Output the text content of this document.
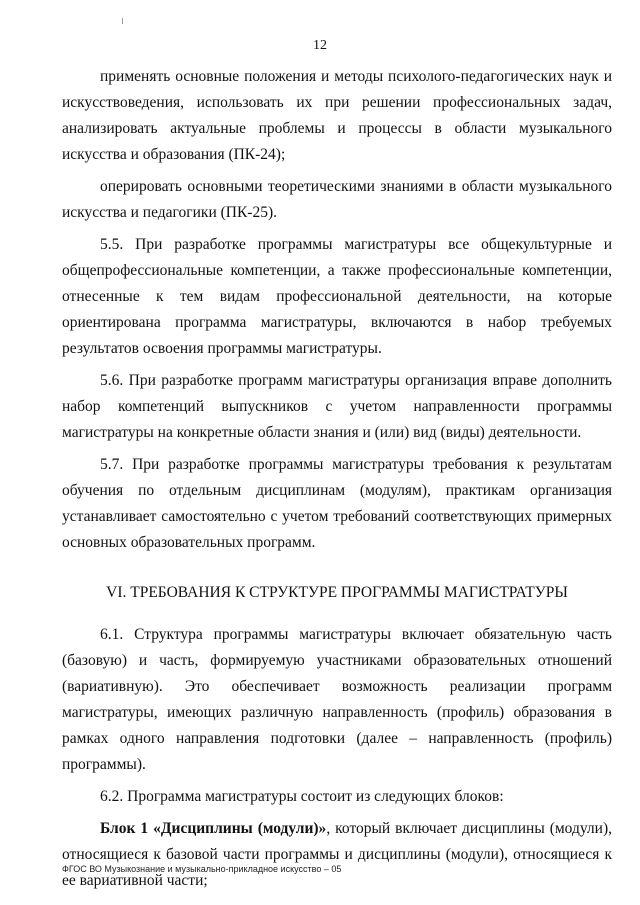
12

применять основные положения и методы психолого-педагогических наук и искусствоведения, использовать их при решении профессиональных задач, анализировать актуальные проблемы и процессы в области музыкального искусства и образования (ПК-24);

оперировать основными теоретическими знаниями в области музыкального искусства и педагогики (ПК-25).

5.5. При разработке программы магистратуры все общекультурные и общепрофессиональные компетенции, а также профессиональные компетенции, отнесенные к тем видам профессиональной деятельности, на которые ориентирована программа магистратуры, включаются в набор требуемых результатов освоения программы магистратуры.

5.6. При разработке программ магистратуры организация вправе дополнить набор компетенций выпускников с учетом направленности программы магистратуры на конкретные области знания и (или) вид (виды) деятельности.

5.7. При разработке программы магистратуры требования к результатам обучения по отдельным дисциплинам (модулям), практикам организация устанавливает самостоятельно с учетом требований соответствующих примерных основных образовательных программ.

VI. ТРЕБОВАНИЯ К СТРУКТУРЕ ПРОГРАММЫ МАГИСТРАТУРЫ

6.1. Структура программы магистратуры включает обязательную часть (базовую) и часть, формируемую участниками образовательных отношений (вариативную). Это обеспечивает возможность реализации программ магистратуры, имеющих различную направленность (профиль) образования в рамках одного направления подготовки (далее – направленность (профиль) программы).

6.2. Программа магистратуры состоит из следующих блоков:

Блок 1 «Дисциплины (модули)», который включает дисциплины (модули), относящиеся к базовой части программы и дисциплины (модули), относящиеся к ее вариативной части;

ФГОС ВО Музыкознание и музыкально-прикладное искусство – 05
